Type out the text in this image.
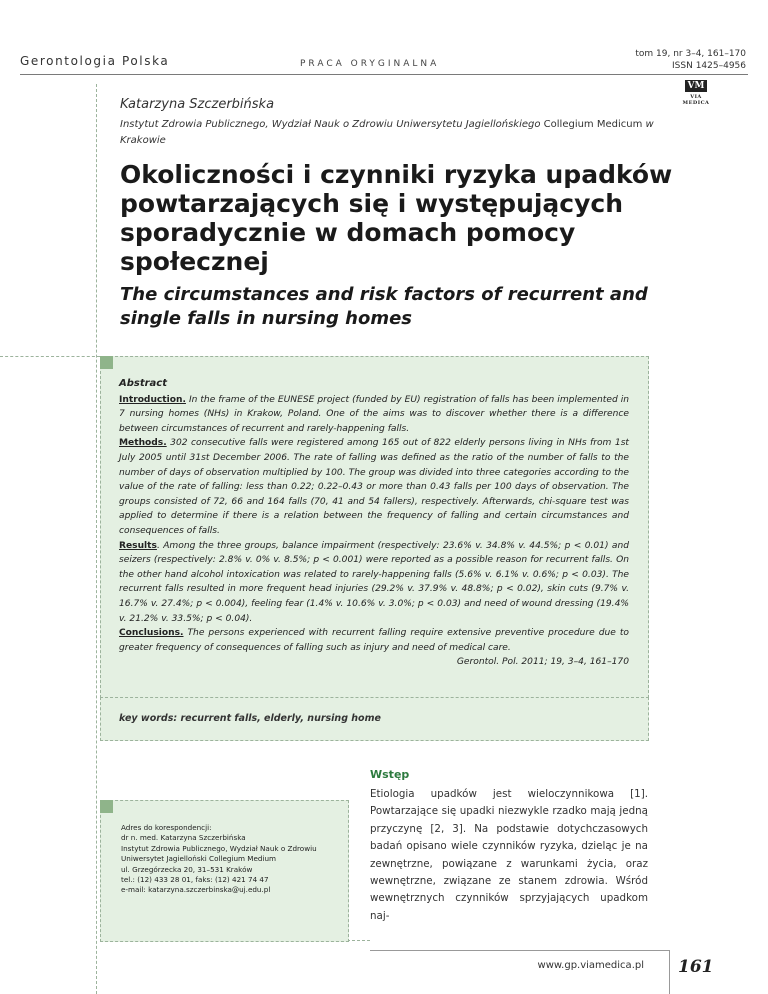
Gerontologia Polska	PRACA ORYGINALNA
tom 19, nr 3–4, 161–170
ISSN 1425–4956
VM
VIA MEDICA
Katarzyna Szczerbińska
Instytut Zdrowia Publicznego, Wydział Nauk o Zdrowiu Uniwersytetu Jagiellońskiego Collegium Medicum w Krakowie
Okoliczności i czynniki ryzyka upadków powtarzających się i występujących sporadycznie w domach pomocy społecznej
The circumstances and risk factors of recurrent and single falls in nursing homes
Abstract

Introduction. In the frame of the EUNESE project (funded by EU) registration of falls has been implemented in 7 nursing homes (NHs) in Krakow, Poland. One of the aims was to discover whether there is a difference between circumstances of recurrent and rarely-happening falls.

Methods. 302 consecutive falls were registered among 165 out of 822 elderly persons living in NHs from 1st July 2005 until 31st December 2006. The rate of falling was defined as the ratio of the number of falls to the number of days of observation multiplied by 100. The group was divided into three categories according to the value of the rate of falling: less than 0.22; 0.22–0.43 or more than 0.43 falls per 100 days of observation. The groups consisted of 72, 66 and 164 falls (70, 41 and 54 fallers), respectively. Afterwards, chi-square test was applied to determine if there is a relation between the frequency of falling and certain circumstances and consequences of falls.

Results. Among the three groups, balance impairment (respectively: 23.6% v. 34.8% v. 44.5%; p < 0.01) and seizers (respectively: 2.8% v. 0% v. 8.5%; p < 0.001) were reported as a possible reason for recurrent falls. On the other hand alcohol intoxication was related to rarely-happening falls (5.6% v. 6.1% v. 0.6%; p < 0.03). The recurrent falls resulted in more frequent head injuries (29.2% v. 37.9% v. 48.8%; p < 0.02), skin cuts (9.7% v. 16.7% v. 27.4%; p < 0.004), feeling fear (1.4% v. 10.6% v. 3.0%; p < 0.03) and need of wound dressing (19.4% v. 21.2% v. 33.5%; p < 0.04).

Conclusions. The persons experienced with recurrent falling require extensive preventive procedure due to greater frequency of consequences of falling such as injury and need of medical care.

Gerontol. Pol. 2011; 19, 3–4, 161–170
key words: recurrent falls, elderly, nursing home
Adres do korespondencji:
dr n. med. Katarzyna Szczerbińska
Instytut Zdrowia Publicznego, Wydział Nauk o Zdrowiu
Uniwersytet Jagielloński Collegium Medium
ul. Grzegórzecka 20, 31–531 Kraków
tel.: (12) 433 28 01, faks: (12) 421 74 47
e-mail: katarzyna.szczerbinska@uj.edu.pl
Wstęp
Etiologia upadków jest wieloczynnikowa [1]. Powtarzające się upadki niezwykle rzadko mają jedną przyczynę [2, 3]. Na podstawie dotychczasowych badań opisano wiele czynników ryzyka, dzieląc je na zewnętrzne, powiązane z warunkami życia, oraz wewnętrzne, związane ze stanem zdrowia. Wśród wewnętrznych czynników sprzyjających upadkom naj-
www.gp.viamedica.pl 161
